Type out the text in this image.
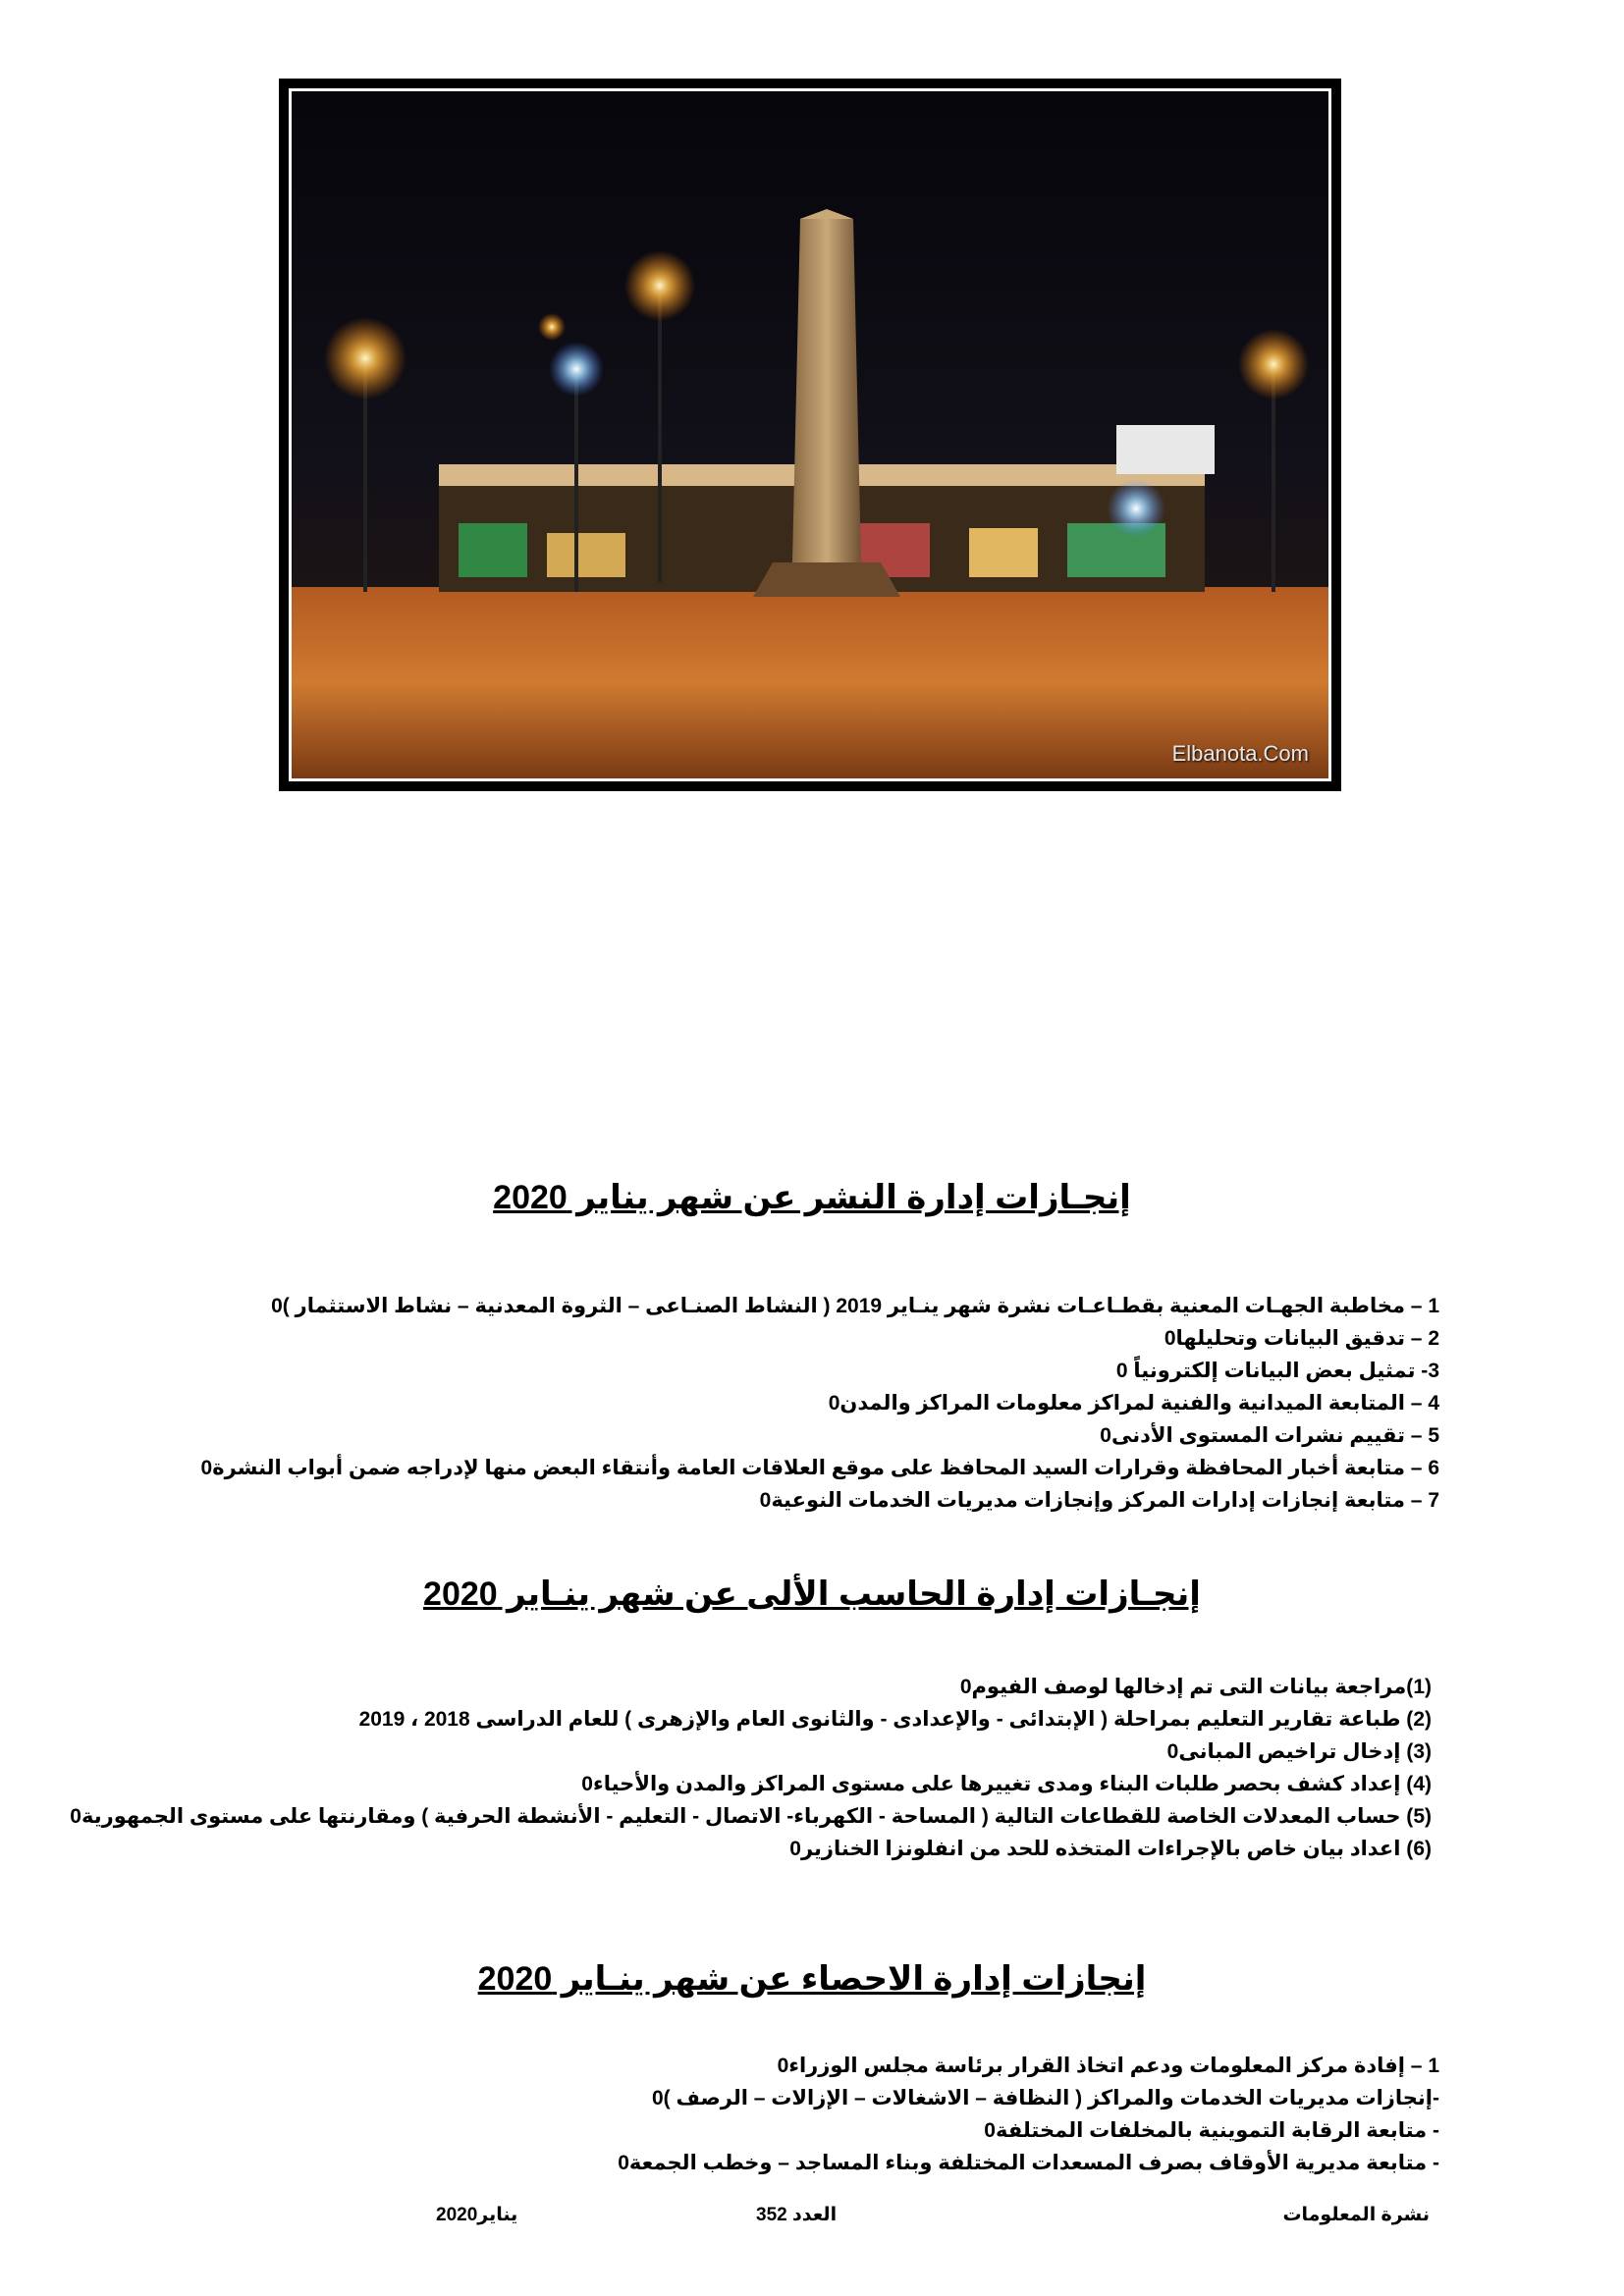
Elbanota.Com
إنجـازات إدارة النشر عن شهر يناير 2020
1 – مخاطبة الجهـات المعنية بقطـاعـات نشرة شهر ينـاير 2019 ( النشاط الصنـاعى – الثروة المعدنية – نشاط الاستثمار )0
2 – تدقيق البيانات وتحليلها0
3- تمثيل بعض البيانات إلكترونياً 0
4 – المتابعة الميدانية والفنية لمراكز معلومات المراكز والمدن0
5 – تقييم نشرات المستوى الأدنى0
6 – متابعة أخبار المحافظة وقرارات السيد المحافظ على موقع العلاقات العامة وأنتقاء البعض منها لإدراجه ضمن أبواب النشرة0
7 – متابعة إنجازات إدارات المركز وإنجازات مديريات الخدمات النوعية0
إنجـازات إدارة الحاسب الألى عن شهر ينـاير 2020
(1)مراجعة بيانات التى تم إدخالها لوصف الفيوم0
(2) طباعة تقارير التعليم بمراحلة ( الإبتدائى - والإعدادى - والثانوى العام والإزهرى ) للعام الدراسى 2018 ، 2019
(3) إدخال تراخيص المبانى0
(4) إعداد كشف بحصر طلبات البناء ومدى تغييرها على مستوى المراكز والمدن والأحياء0
(5) حساب المعدلات الخاصة للقطاعات التالية ( المساحة - الكهرباء- الاتصال - التعليم - الأنشطة الحرفية ) ومقارنتها على مستوى الجمهورية0
(6) اعداد بيان خاص بالإجراءات المتخذه للحد من انفلونزا الخنازير0
إنجازات إدارة الاحصاء عن شهر ينـاير 2020
1 – إفادة مركز المعلومات ودعم اتخاذ القرار برئاسة مجلس الوزراء0
-إنجازات مديريات الخدمات والمراكز ( النظافة – الاشغالات – الإزالات – الرصف )0
- متابعة الرقابة التموينية بالمخلفات المختلفة0
- متابعة مديرية الأوقاف بصرف المسعدات المختلفة وبناء المساجد – وخطب الجمعة0
نشرة المعلومات
العدد 352
يناير2020
